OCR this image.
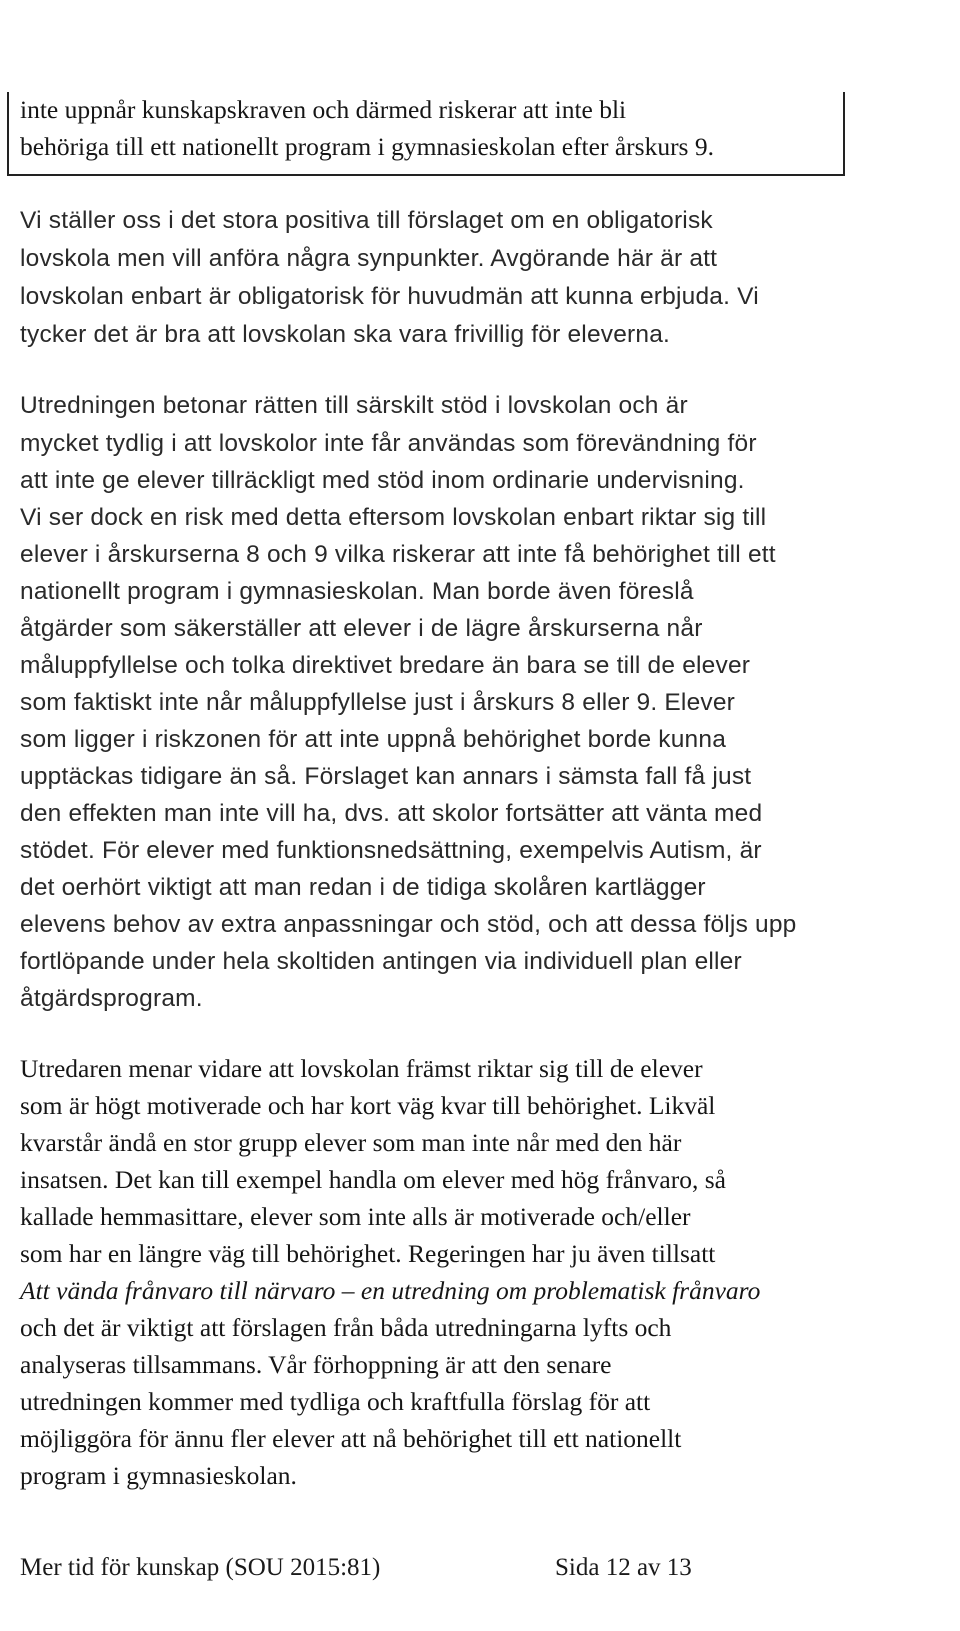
inte uppnår kunskapskraven och därmed riskerar att inte bli
behöriga till ett nationellt program i gymnasieskolan efter årskurs 9.
Vi ställer oss i det stora positiva till förslaget om en obligatorisk
lovskola men vill anföra några synpunkter. Avgörande här är att
lovskolan enbart är obligatorisk för huvudmän att kunna erbjuda. Vi
tycker det är bra att lovskolan ska vara frivillig för eleverna.
Utredningen betonar rätten till särskilt stöd i lovskolan och är
mycket tydlig i att lovskolor inte får användas som förevändning för
att inte ge elever tillräckligt med stöd inom ordinarie undervisning.
Vi ser dock en risk med detta eftersom lovskolan enbart riktar sig till
elever i årskurserna 8 och 9 vilka riskerar att inte få behörighet till ett
nationellt program i gymnasieskolan. Man borde även föreslå
åtgärder som säkerställer att elever i de lägre årskurserna når
måluppfyllelse och tolka direktivet bredare än bara se till de elever
som faktiskt inte når måluppfyllelse just i årskurs 8 eller 9. Elever
som ligger i riskzonen för att inte uppnå behörighet borde kunna
upptäckas tidigare än så. Förslaget kan annars i sämsta fall få just
den effekten man inte vill ha, dvs. att skolor fortsätter att vänta med
stödet. För elever med funktionsnedsättning, exempelvis Autism, är
det oerhört viktigt att man redan i de tidiga skolåren kartlägger
elevens behov av extra anpassningar och stöd, och att dessa följs upp
fortlöpande under hela skoltiden antingen via individuell plan eller
åtgärdsprogram.
Utredaren menar vidare att lovskolan främst riktar sig till de elever
som är högt motiverade och har kort väg kvar till behörighet. Likväl
kvarstår ändå en stor grupp elever som man inte når med den här
insatsen. Det kan till exempel handla om elever med hög frånvaro, så
kallade hemmasittare, elever som inte alls är motiverade och/eller
som har en längre väg till behörighet. Regeringen har ju även tillsatt
Att vända frånvaro till närvaro – en utredning om problematisk frånvaro
och det är viktigt att förslagen från båda utredningarna lyfts och
analyseras tillsammans. Vår förhoppning är att den senare
utredningen kommer med tydliga och kraftfulla förslag för att
möjliggöra för ännu fler elever att nå behörighet till ett nationellt
program i gymnasieskolan.
Mer tid för kunskap (SOU 2015:81)	Sida 12 av 13
